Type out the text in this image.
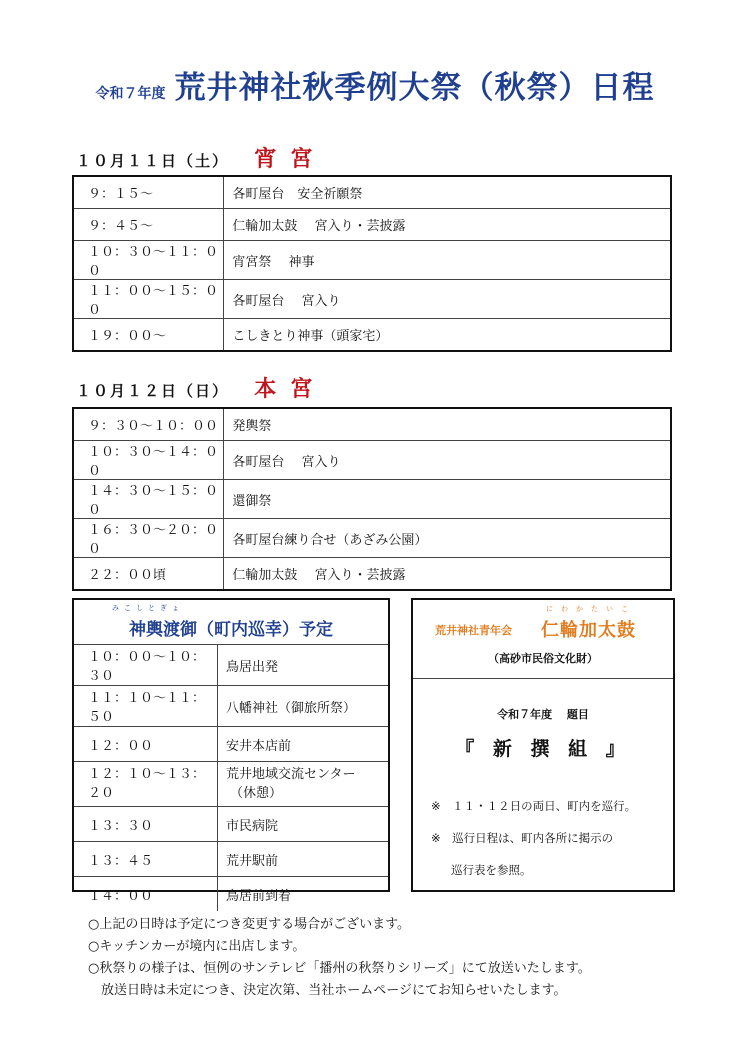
令和７年度 荒井神社秋季例大祭（秋祭）日程
１０月１１日（土） 宵宮
９：１５～	各町屋台　安全祈願祭
９：４５～	仁輪加太鼓　 宮入り・芸披露
１０：３０～１１：００	宵宮祭　 神事
１１：００～１５：００	各町屋台　 宮入り
１９：００～	こしきとり神事（頭家宅）
１０月１２日（日） 本宮
９：３０～１０：００	発輿祭
１０：３０～１４：００	各町屋台　 宮入り
１４：３０～１５：００	還御祭
１６：３０～２０：００	各町屋台練り合せ（あざみ公園）
２２：００頃	仁輪加太鼓　 宮入り・芸披露
みこしとぎょ
神輿渡御（町内巡幸）予定
１０：００～１０：３０	鳥居出発

１１：１０～１１：５０	八幡神社（御旅所祭）

１２：００	安井本店前

１２：１０～１３：２０	荒井地域交流センター
（休憩）

１３：３０	市民病院

１３：４５	荒井駅前

１４：００	鳥居前到着
荒井神社青年会
にわかたいこ
仁輪加太鼓
（高砂市民俗文化財）
令和７年度　 題目
『 新 撰 組 』
※　１１・１２日の両日、町内を巡行。
※　巡行日程は、町内各所に掲示の
巡行表を参照。
○上記の日時は予定につき変更する場合がございます。
○キッチンカーが境内に出店します。
○秋祭りの様子は、恒例のサンテレビ「播州の秋祭りシリーズ」にて放送いたします。
　放送日時は未定につき、決定次第、当社ホームページにてお知らせいたします。
